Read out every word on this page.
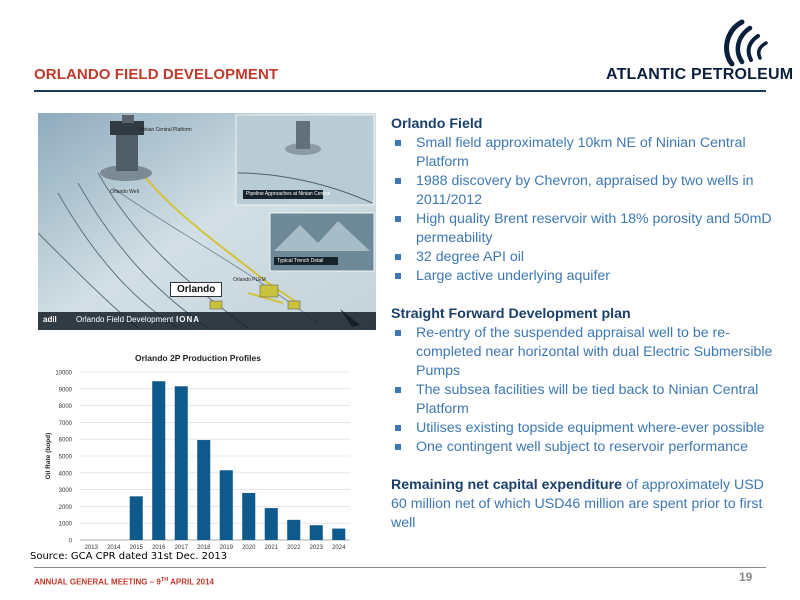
ORLANDO FIELD DEVELOPMENT	ATLANTIC PETROLEUM
Ninian Central Platform
Orlando Well	Pipeline Approaches at Ninian Central
Typical Trench Detail
Orlando PLEM
Orlando
adil Orlando Field Development IONA
Orlando 2P Production Profiles
0
1000
2000
3000
4000
5000
6000
7000
8000
9000
10000
2013 2014 2015 2016 2017 2018 2019 2020 2021 2022 2023 2024
Oil Rate (bopd)
Source: GCA CPR dated 31st Dec. 2013
Orlando Field
Small field approximately 10km NE of Ninian Central Platform
1988 discovery by Chevron, appraised by two wells in 2011/2012
High quality Brent reservoir with 18% porosity and 50mD permeability
32 degree API oil
Large active underlying aquifer
Straight Forward Development plan
Re-entry of the suspended appraisal well to be re-completed near horizontal with dual Electric Submersible Pumps
The subsea facilities will be tied back to Ninian Central Platform
Utilises existing topside equipment where-ever possible
One contingent well subject to reservoir performance
Remaining net capital expenditure of approximately USD 60 million net of which USD46 million are spent prior to first well
ANNUAL GENERAL MEETING – 9TH APRIL 2014	19
